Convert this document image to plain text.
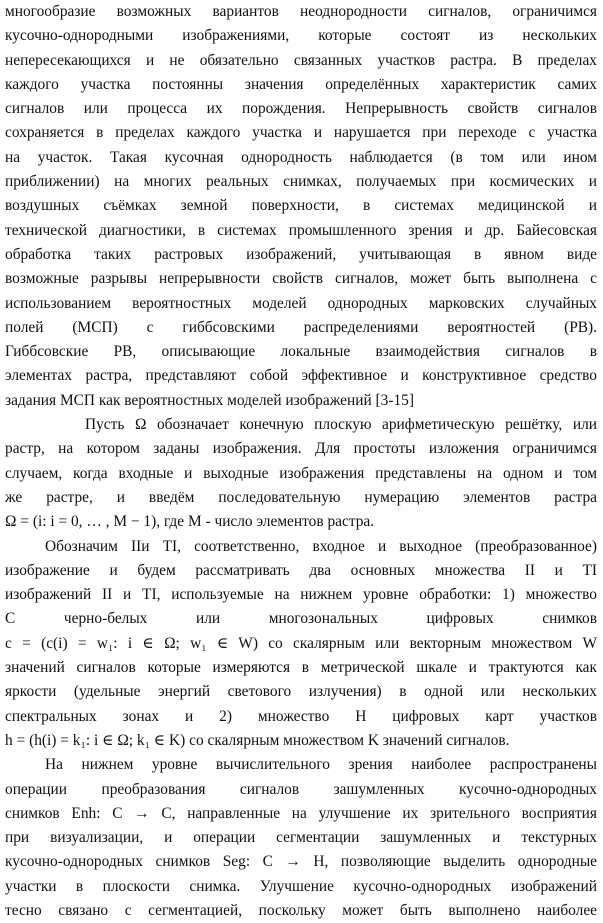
многообразие возможных вариантов неоднородности сигналов, ограничимся
кусочно-однородными изображениями, которые состоят из нескольких
непересекающихся и не обязательно связанных участков растра. В пределах
каждого участка постоянны значения определённых характеристик самих
сигналов или процесса их порождения. Непрерывность свойств сигналов
сохраняется в пределах каждого участка и нарушается при переходе с участка
на участок. Такая кусочная однородность наблюдается (в том или ином
приближении) на многих реальных снимках, получаемых при космических и
воздушных съёмках земной поверхности, в системах медицинской и
технической диагностики, в системах промышленного зрения и др. Байесовская
обработка таких растровых изображений, учитывающая в явном виде
возможные разрывы непрерывности свойств сигналов, может быть выполнена с
использованием вероятностных моделей однородных марковских случайных
полей (МСП) с гиббсовскими распределениями вероятностей (РВ).
Гиббсовские РВ, описывающие локальные взаимодействия сигналов в
элементах растра, представляют собой эффективное и конструктивное средство
задания МСП как вероятностных моделей изображений [3-15]
Пусть Ω обозначает конечную плоскую арифметическую решётку, или
растр, на котором заданы изображения. Для простоты изложения ограничимся
случаем, когда входные и выходные изображения представлены на одном и том
же растре, и введём последовательную нумерацию элементов растра
Ω = (i: i = 0, … , M − 1), где M - число элементов растра.
Обозначим IIи TI, соответственно, входное и выходное (преобразованное)
изображение и будем рассматривать два основных множества II и TI
изображений II и TI, используемые на нижнем уровне обработки: 1) множество
C черно-белых или многозональных цифровых снимков
c = (c(i) = w₁: i ∈ Ω; w₁ ∈ W) со скалярным или векторным множеством W
значений сигналов которые измеряются в метрической шкале и трактуются как
яркости (удельные энергий светового излучения) в одной или нескольких
спектральных зонах и 2) множество H цифровых карт участков
h = (h(i) = k₁: i ∈ Ω; k₁ ∈ K) со скалярным множеством K значений сигналов.
На нижнем уровне вычислительного зрения наиболее распространены
операции преобразования сигналов зашумленных кусочно-однородных
снимков Enh: C → C, направленные на улучшение их зрительного восприятия
при визуализации, и операции сегментации зашумленных и текстурных
кусочно-однородных снимков Seg: C → H, позволяющие выделить однородные
участки в плоскости снимка. Улучшение кусочно-однородных изображений
тесно связано с сегментацией, поскольку может быть выполнено наиболее
